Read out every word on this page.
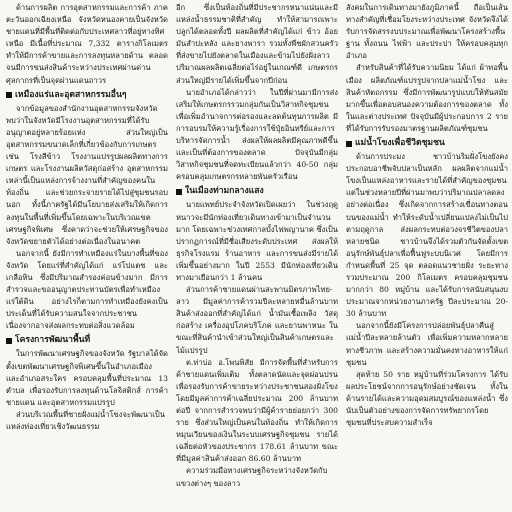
ด้านการผลิต การอุตสาหกรรมและการค้า ภาคตะวันออกเฉียงเหนือ จังหวัดหนองคายเป็นจังหวัดชายแดนที่มีพื้นที่ติดต่อกับประเทศลาวที่อยู่ทางทิศเหนือ มีเนื้อที่ประมาณ 7,332 ตารางกิโลเมตร ทำให้มีการค้าขายและการลงทุนหลายด้าน ตลอดจนมีการขนส่งสินค้าระหว่างประเทศผ่านด่านศุลกากรที่เป็นจุดผ่านแดนถาวร

เหมืองแร่และอุตสาหกรรมอื่นๆ

จากข้อมูลของสำนักงานอุตสาหกรรมจังหวัด พบว่าในจังหวัดมีโรงงานอุตสาหกรรมที่ได้รับอนุญาตอยู่หลายร้อยแห่ง ส่วนใหญ่เป็นอุตสาหกรรมขนาดเล็กที่เกี่ยวข้องกับการเกษตร เช่น โรงสีข้าว โรงงานแปรรูปผลผลิตทางการเกษตร และโรงงานผลิตวัสดุก่อสร้าง อุตสาหกรรมเหล่านี้เป็นแหล่งการจ้างงานที่สำคัญของคนในท้องถิ่น และช่วยกระจายรายได้ไปสู่ชุมชนรอบนอก ทั้งนี้ภาครัฐได้มีนโยบายส่งเสริมให้เกิดการลงทุนในพื้นที่เพิ่มขึ้นโดยเฉพาะในบริเวณเขตเศรษฐกิจพิเศษ ซึ่งคาดว่าจะช่วยให้เศรษฐกิจของจังหวัดขยายตัวได้อย่างต่อเนื่องในอนาคต

นอกจากนี้ ยังมีการทำเหมืองแร่ในบางพื้นที่ของจังหวัด โดยแร่ที่สำคัญได้แก่ แร่โปแตช และเกลือหิน ซึ่งมีปริมาณสำรองค่อนข้างมาก มีการสำรวจและขออนุญาตประทานบัตรเพื่อทำเหมืองแร่ใต้ดิน อย่างไรก็ตามการทำเหมืองยังคงเป็นประเด็นที่ได้รับความสนใจจากประชาชน เนื่องจากอาจส่งผลกระทบต่อสิ่งแวดล้อม

โครงการพัฒนาพื้นที่

ในการพัฒนาเศรษฐกิจของจังหวัด รัฐบาลได้จัดตั้งเขตพัฒนาเศรษฐกิจพิเศษขึ้นในอำเภอเมือง และอำเภอสระใคร ครอบคลุมพื้นที่ประมาณ 13 ตำบล เพื่อรองรับการลงทุนด้านโลจิสติกส์ การค้าชายแดน และอุตสาหกรรมแปรรูป

ส่วนบริเวณพื้นที่ชายฝั่งแม่น้ำโขงจะพัฒนาเป็นแหล่งท่องเที่ยวเชิงวัฒนธรรม

อีก ซึ่งเป็นท้องถิ่นที่มีประชากรหนาแน่นและมีแหล่งน้ำธรรมชาติที่สำคัญ ทำให้สามารถเพาะปลูกได้ตลอดทั้งปี ผลผลิตที่สำคัญได้แก่ ข้าว อ้อย มันสำปะหลัง และยางพารา รวมทั้งพืชผักสวนครัวที่ส่งขายไปยังตลาดในเมืองและข้ามไปยังฝั่งลาว ปริมาณผลผลิตเฉลี่ยต่อไร่อยู่ในเกณฑ์ดี เกษตรกรส่วนใหญ่มีรายได้เพิ่มขึ้นจากปีก่อน

นายอำเภอได้กล่าวว่า ในปีที่ผ่านมามีการส่งเสริมให้เกษตรกรรวมกลุ่มกันเป็นวิสาหกิจชุมชน เพื่อเพิ่มอำนาจการต่อรองและลดต้นทุนการผลิต มีการอบรมให้ความรู้เรื่องการใช้ปุ๋ยอินทรีย์และการบริหารจัดการน้ำ ส่งผลให้ผลผลิตมีคุณภาพดีขึ้นและเป็นที่ต้องการของตลาด ปัจจุบันมีกลุ่มวิสาหกิจชุมชนที่จดทะเบียนแล้วกว่า 40-50 กลุ่ม ครอบคลุมเกษตรกรหลายพันครัวเรือน

ในเมืองท่ามกลางแสง

นายแพทย์ประจำจังหวัดเปิดเผยว่า ในช่วงฤดูหนาวจะมีนักท่องเที่ยวเดินทางเข้ามาเป็นจำนวนมาก โดยเฉพาะช่วงเทศกาลบั้งไฟพญานาค ซึ่งเป็นปรากฏการณ์ที่มีชื่อเสียงระดับประเทศ ส่งผลให้ธุรกิจโรงแรม ร้านอาหาร และการขนส่งมีรายได้เพิ่มขึ้นอย่างมาก ในปี 2553 มีนักท่องเที่ยวเดินทางมาเยือนกว่า 1 ล้านคน

ส่วนการค้าชายแดนผ่านสะพานมิตรภาพไทย-ลาว มีมูลค่าการค้ารวมปีละหลายหมื่นล้านบาท สินค้าส่งออกที่สำคัญได้แก่ น้ำมันเชื้อเพลิง วัสดุก่อสร้าง เครื่องอุปโภคบริโภค และยานพาหนะ ในขณะที่สินค้านำเข้าส่วนใหญ่เป็นสินค้าเกษตรและไม้แปรรูป

ต.ท่าบ่อ อ.โพนพิสัย มีการจัดพื้นที่สำหรับการค้าชายแดนเพิ่มเติม ทั้งตลาดนัดและจุดผ่อนปรน เพื่อรองรับการค้าขายระหว่างประชาชนสองฝั่งโขง โดยมีมูลค่าการค้าเฉลี่ยประมาณ 200 ล้านบาทต่อปี จากการสำรวจพบว่ามีผู้ค้ารายย่อยกว่า 300 ราย ซึ่งส่วนใหญ่เป็นคนในท้องถิ่น ทำให้เกิดการหมุนเวียนของเงินในระบบเศรษฐกิจชุมชน รายได้เฉลี่ยต่อหัวของประชากร 178.61 ล้านบาท ขณะที่มีมูลค่าสินค้าส่งออก 86.60 ล้านบาท

ความร่วมมือทางเศรษฐกิจระหว่างจังหวัดกับแขวงต่างๆ ของลาว

สังคมในการเดินทางมายังภูมิภาคนี้ ถือเป็นเส้นทางสำคัญที่เชื่อมโยงระหว่างประเทศ จังหวัดจึงได้รับการจัดสรรงบประมาณเพื่อพัฒนาโครงสร้างพื้นฐาน ทั้งถนน ไฟฟ้า และประปา ให้ครอบคลุมทุกอำเภอ

สำหรับสินค้าที่ได้รับความนิยม ได้แก่ ผ้าทอพื้นเมือง ผลิตภัณฑ์แปรรูปจากปลาแม่น้ำโขง และสินค้าหัตถกรรม ซึ่งมีการพัฒนารูปแบบให้ทันสมัยมากขึ้นเพื่อตอบสนองความต้องการของตลาด ทั้งในและต่างประเทศ ปัจจุบันมีผู้ประกอบการ 2 ราย ที่ได้รับการรับรองมาตรฐานผลิตภัณฑ์ชุมชน

แม่น้ำโขงเพื่อชีวิตชุมชน

ด้านการประมง ชาวบ้านริมฝั่งโขงยังคงประกอบอาชีพจับปลาเป็นหลัก ผลผลิตจากแม่น้ำโขงเป็นแหล่งอาหารและรายได้ที่สำคัญของชุมชน แต่ในช่วงหลายปีที่ผ่านมาพบว่าปริมาณปลาลดลงอย่างต่อเนื่อง ซึ่งเกิดจากการสร้างเขื่อนทางตอนบนของแม่น้ำ ทำให้ระดับน้ำเปลี่ยนแปลงไม่เป็นไปตามฤดูกาล ส่งผลกระทบต่อวงจรชีวิตของปลาหลายชนิด ชาวบ้านจึงได้รวมตัวกันจัดตั้งเขตอนุรักษ์พันธุ์ปลาเพื่อฟื้นฟูระบบนิเวศ โดยมีการกำหนดพื้นที่ 25 จุด ตลอดแนวชายฝั่ง ระยะทางรวมประมาณ 200 กิโลเมตร ครอบคลุมชุมชนมากกว่า 80 หมู่บ้าน และได้รับการสนับสนุนงบประมาณจากหน่วยงานภาครัฐ ปีละประมาณ 20-30 ล้านบาท

นอกจากนี้ยังมีโครงการปล่อยพันธุ์ปลาคืนสู่แม่น้ำปีละหลายล้านตัว เพื่อเพิ่มความหลากหลายทางชีวภาพ และสร้างความมั่นคงทางอาหารให้แก่ชุมชน

สุดท้าย 50 ราย หมู่บ้านที่ร่วมโครงการ ได้รับผลประโยชน์จากการอนุรักษ์อย่างชัดเจน ทั้งในด้านรายได้และความอุดมสมบูรณ์ของแหล่งน้ำ ซึ่งนับเป็นตัวอย่างของการจัดการทรัพยากรโดยชุมชนที่ประสบความสำเร็จ
